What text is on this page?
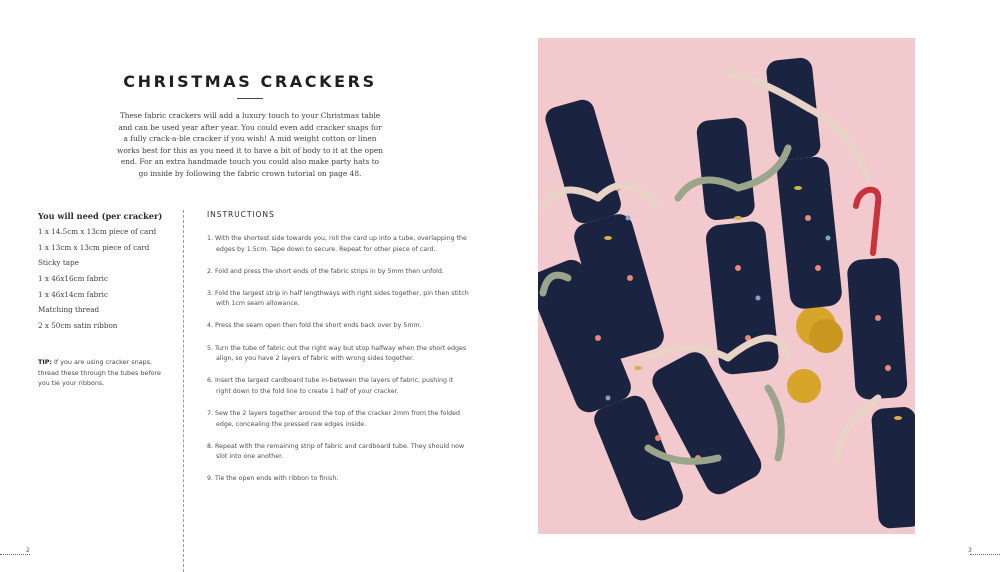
CHRISTMAS CRACKERS

These fabric crackers will add a luxury touch to your Christmas table and can be used year after year. You could even add cracker snaps for a fully crack-a-ble cracker if you wish! A mid weight cotton or linen works best for this as you need it to have a bit of body to it at the open end. For an extra handmade touch you could also make party hats to go inside by following the fabric crown tutorial on page 48.

You will need (per cracker)
1 x 14.5cm x 13cm piece of card
1 x 13cm x 13cm piece of card
Sticky tape
1 x 46x16cm fabric
1 x 46x14cm fabric
Matching thread
2 x 50cm satin ribbon
TIP: If you are using cracker snaps, thread these through the tubes before you tie your ribbons.
INSTRUCTIONS
1. With the shortest side towards you, roll the card up into a tube, overlapping the edges by 1.5cm. Tape down to secure. Repeat for other piece of card.
2. Fold and press the short ends of the fabric strips in by 5mm then unfold.
3. Fold the largest strip in half lengthways with right sides together, pin then stitch with 1cm seam allowance.
4. Press the seam open then fold the short ends back over by 5mm.
5. Turn the tube of fabric out the right way but stop halfway when the short edges align, so you have 2 layers of fabric with wrong sides together.
6. Insert the largest cardboard tube in-between the layers of fabric, pushing it right down to the fold line to create 1 half of your cracker.
7. Sew the 2 layers together around the top of the cracker 2mm from the folded edge, concealing the pressed raw edges inside.
8. Repeat with the remaining strip of fabric and cardboard tube. They should now slot into one another.
9. Tie the open ends with ribbon to finish.
2	3
